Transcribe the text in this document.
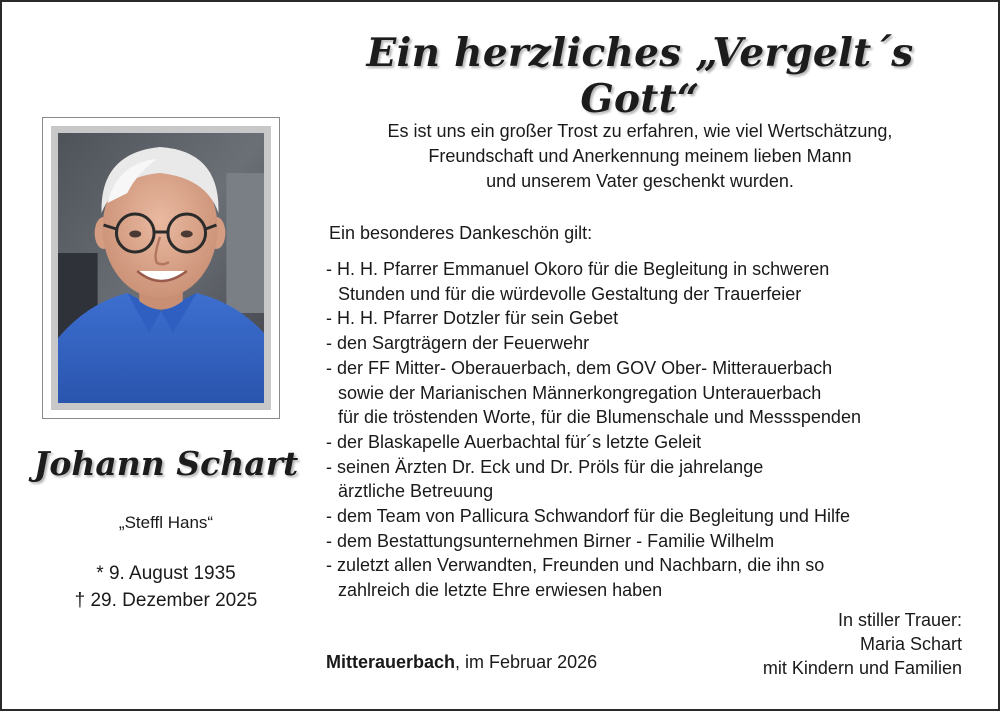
Ein herzliches „Vergelt´s Gott“
Johann Schart
„Steffl Hans“
* 9. August 1935
† 29. Dezember 2025
Es ist uns ein großer Trost zu erfahren, wie viel Wertschätzung,
Freundschaft und Anerkennung meinem lieben Mann
und unserem Vater geschenkt wurden.
Ein besonderes Dankeschön gilt:
- H. H. Pfarrer Emmanuel Okoro für die Begleitung in schweren
Stunden und für die würdevolle Gestaltung der Trauerfeier
- H. H. Pfarrer Dotzler für sein Gebet
- den Sargträgern der Feuerwehr
- der FF Mitter- Oberauerbach, dem GOV Ober- Mitterauerbach
sowie der Marianischen Männerkongregation Unterauerbach
für die tröstenden Worte, für die Blumenschale und Messspenden
- der Blaskapelle Auerbachtal für´s letzte Geleit
- seinen Ärzten Dr. Eck und Dr. Pröls für die jahrelange
ärztliche Betreuung
- dem Team von Pallicura Schwandorf für die Begleitung und Hilfe
- dem Bestattungsunternehmen Birner - Familie Wilhelm
- zuletzt allen Verwandten, Freunden und Nachbarn, die ihn so
zahlreich die letzte Ehre erwiesen haben
Mitterauerbach, im Februar 2026
In stiller Trauer:
Maria Schart
mit Kindern und Familien
